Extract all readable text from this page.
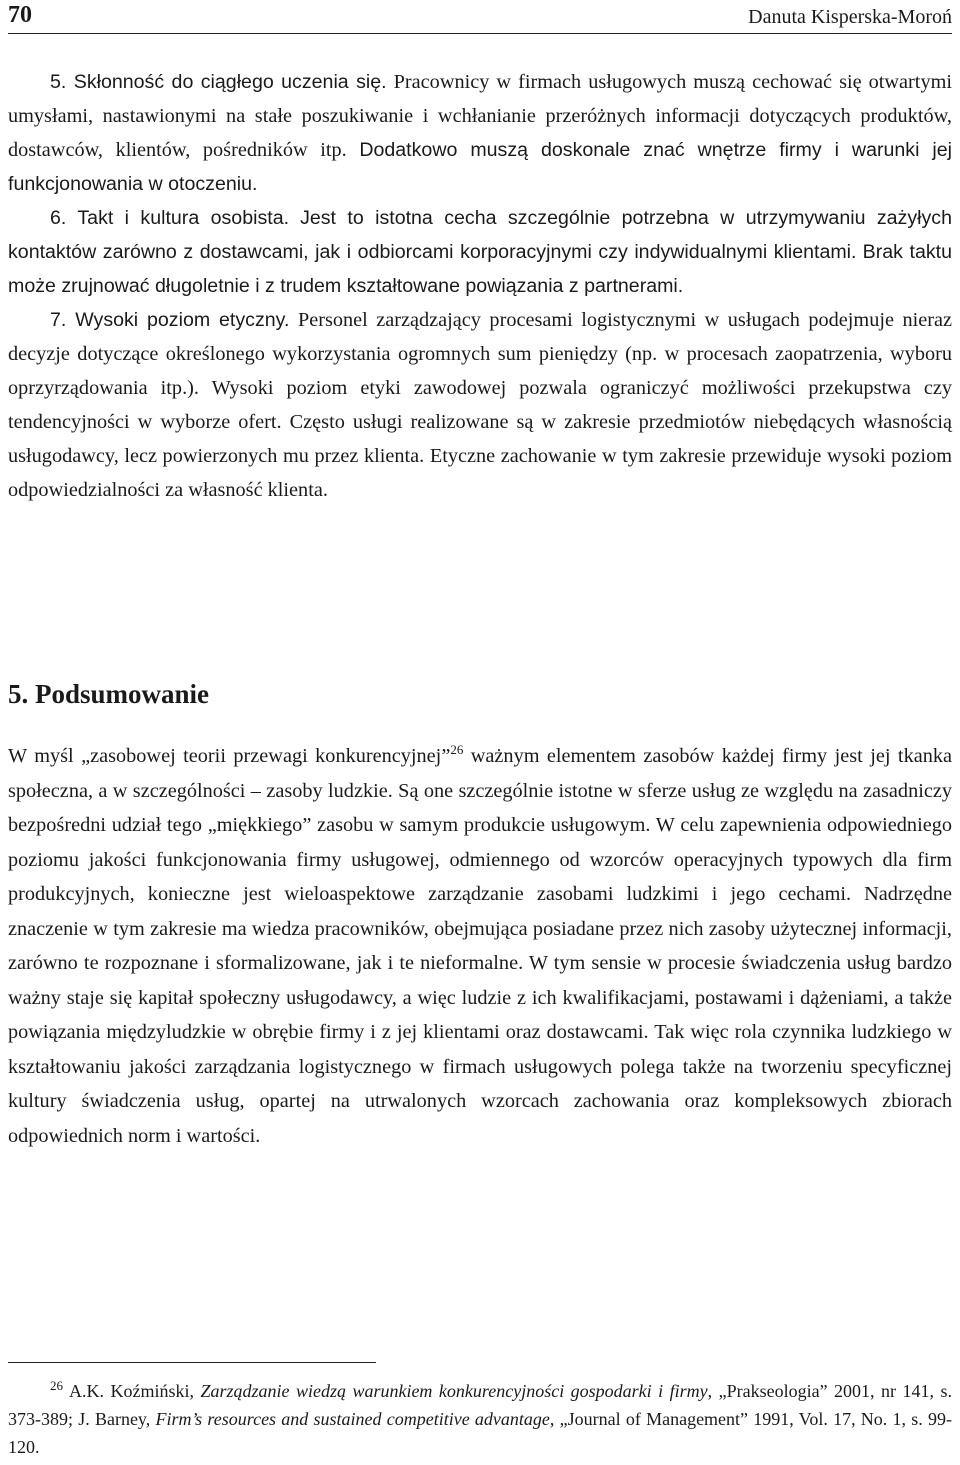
70	Danuta Kisperska-Moroń

5. Skłonność do ciągłego uczenia się. Pracownicy w firmach usługowych muszą cechować się otwartymi umysłami, nastawionymi na stałe poszukiwanie i wchłanianie przeróżnych informacji dotyczących produktów, dostawców, klientów, pośredników itp. Dodatkowo muszą doskonale znać wnętrze firmy i warunki jej funkcjonowania w otoczeniu.

6. Takt i kultura osobista. Jest to istotna cecha szczególnie potrzebna w utrzymywaniu zażyłych kontaktów zarówno z dostawcami, jak i odbiorcami korporacyjnymi czy indywidualnymi klientami. Brak taktu może zrujnować długoletnie i z trudem kształtowane powiązania z partnerami.

7. Wysoki poziom etyczny. Personel zarządzający procesami logistycznymi w usługach podejmuje nieraz decyzje dotyczące określonego wykorzystania ogromnych sum pieniędzy (np. w procesach zaopatrzenia, wyboru oprzyrządowania itp.). Wysoki poziom etyki zawodowej pozwala ograniczyć możliwości przekupstwa czy tendencyjności w wyborze ofert. Często usługi realizowane są w zakresie przedmiotów niebędących własnością usługodawcy, lecz powierzonych mu przez klienta. Etyczne zachowanie w tym zakresie przewiduje wysoki poziom odpowiedzialności za własność klienta.

5. Podsumowanie

W myśl „zasobowej teorii przewagi konkurencyjnej”$^{26}$ ważnym elementem zasobów każdej firmy jest jej tkanka społeczna, a w szczególności – zasoby ludzkie. Są one szczególnie istotne w sferze usług ze względu na zasadniczy bezpośredni udział tego „miękkiego” zasobu w samym produkcie usługowym. W celu zapewnienia odpowiedniego poziomu jakości funkcjonowania firmy usługowej, odmiennego od wzorców operacyjnych typowych dla firm produkcyjnych, konieczne jest wieloaspektowe zarządzanie zasobami ludzkimi i jego cechami. Nadrzędne znaczenie w tym zakresie ma wiedza pracowników, obejmująca posiadane przez nich zasoby użytecznej informacji, zarówno te rozpoznane i sformalizowane, jak i te nieformalne. W tym sensie w procesie świadczenia usług bardzo ważny staje się kapitał społeczny usługodawcy, a więc ludzie z ich kwalifikacjami, postawami i dążeniami, a także powiązania międzyludzkie w obrębie firmy i z jej klientami oraz dostawcami. Tak więc rola czynnika ludzkiego w kształtowaniu jakości zarządzania logistycznego w firmach usługowych polega także na tworzeniu specyficznej kultury świadczenia usług, opartej na utrwalonych wzorcach zachowania oraz kompleksowych zbiorach odpowiednich norm i wartości.

$^{26}$ A.K. Koźmiński, Zarządzanie wiedzą warunkiem konkurencyjności gospodarki i firmy, „Prakseologia” 2001, nr 141, s. 373-389; J. Barney, Firm’s resources and sustained competitive advantage, „Journal of Management” 1991, Vol. 17, No. 1, s. 99-120.
